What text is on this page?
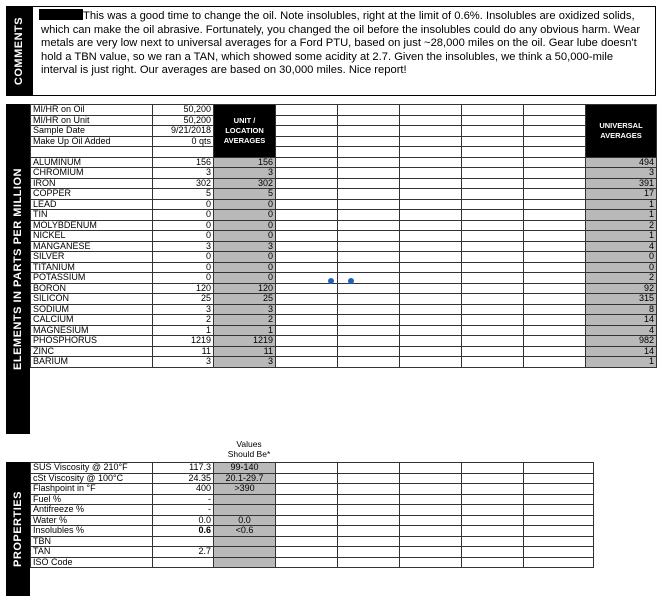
COMMENTS
This was a good time to change the oil. Note insolubles, right at the limit of 0.6%. Insolubles are oxidized solids, which can make the oil abrasive. Fortunately, you changed the oil before the insolubles could do any obvious harm. Wear metals are very low next to universal averages for a Ford PTU, based on just ~28,000 miles on the oil. Gear lube doesn't hold a TBN value, so we ran a TAN, which showed some acidity at 2.7. Given the insolubles, we think a 50,000-mile interval is just right. Our averages are based on 30,000 miles. Nice report!
ELEMENTS IN PARTS PER MILLION
MI/HR on Oil	50,200	UNIT / LOCATION AVERAGES						UNIVERSAL AVERAGES
MI/HR on Unit	50,200							
Sample Date	9/21/2018							
Make Up Oil Added	0 qts							

ALUMINUM	156	156						494
CHROMIUM	3	3						3
IRON	302	302						391
COPPER	5	5						17
LEAD	0	0						1
TIN	0	0						1
MOLYBDENUM	0	0						2
NICKEL	0	0						1
MANGANESE	3	3						4
SILVER	0	0						0
TITANIUM	0	0						0
POTASSIUM	0	0						2
BORON	120	120						92
SILICON	25	25						315
SODIUM	3	3						8
CALCIUM	2	2						14
MAGNESIUM	1	1						4
PHOSPHORUS	1219	1219						982
ZINC	11	11						14
BARIUM	3	3						1
Values Should Be*
PROPERTIES
SUS Viscosity @ 210°F	117.3	99-140					
cSt Viscosity @ 100°C	24.35	20.1-29.7					
Flashpoint in °F	400	>390					
Fuel %	-						
Antifreeze %	-						
Water %	0.0	0.0					
Insolubles %	0.6	<0.6					
TBN							
TAN	2.7						
ISO Code							
